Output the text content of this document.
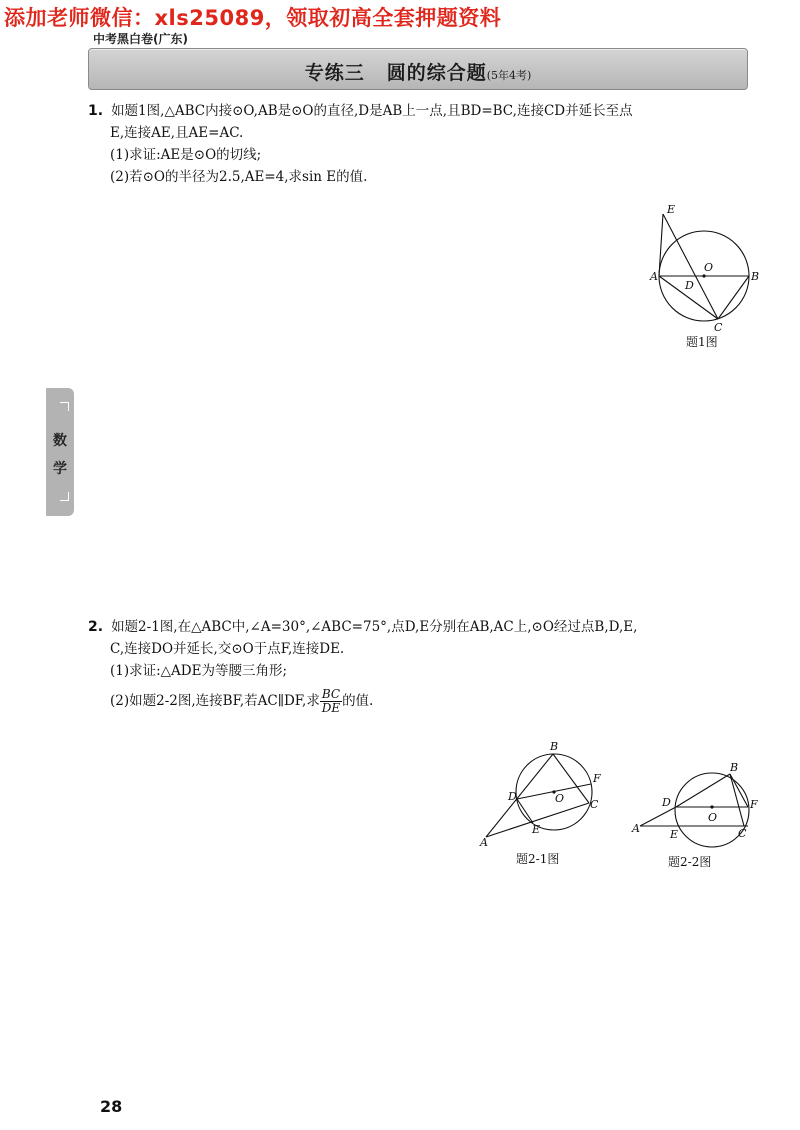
添加老师微信：xls25089，领取初高全套押题资料
中考黑白卷(广东)
专练三 圆的综合题(5年4考)
1. 如题1图,△ABC内接⊙O,AB是⊙O的直径,D是AB上一点,且BD=BC,连接CD并延长至点
E,连接AE,且AE=AC.
(1)求证:AE是⊙O的切线;
(2)若⊙O的半径为2.5,AE=4,求sin E的值.
E
O
A
D
B
C
题1图
数
学
2. 如题2-1图,在△ABC中,∠A=30°,∠ABC=75°,点D,E分别在AB,AC上,⊙O经过点B,D,E,
C,连接DO并延长,交⊙O于点F,连接DE.
(1)求证:△ADE为等腰三角形;
(2)如题2-2图,连接BF,若AC∥DF,求 $\frac{BC}{DE}$ 的值.
B
F
D	O C
E
A
题2-1图
B
D	F
O
A	E	C
题2-2图
28
